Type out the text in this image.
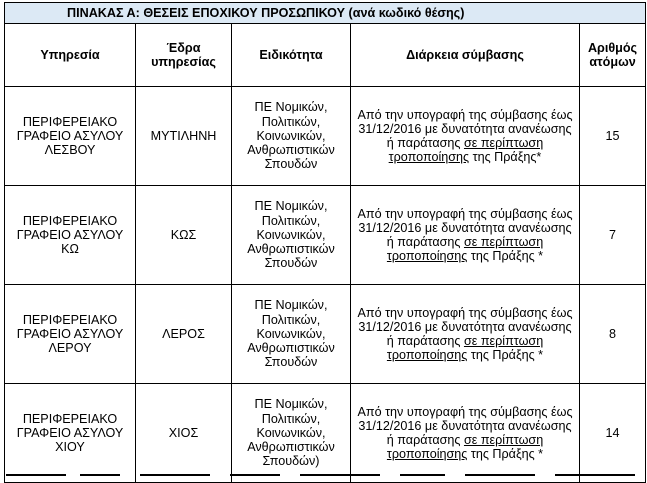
ΠΙΝΑΚΑΣ Α: ΘΕΣΕΙΣ ΕΠΟΧΙΚΟΥ ΠΡΟΣΩΠΙΚΟΥ (ανά κωδικό θέσης)				
Υπηρεσία	Έδρα υπηρεσίας	Ειδικότητα	Διάρκεια σύμβασης	Αριθμός ατόμων
ΠΕΡΙΦΕΡΕΙΑΚΟ ΓΡΑΦΕΙΟ ΑΣΥΛΟΥ ΛΕΣΒΟΥ	ΜΥΤΙΛΗΝΗ	ΠΕ Νομικών, Πολιτικών, Κοινωνικών, Ανθρωπιστικών Σπουδών	Από την υπογραφή της σύμβασης έως 31/12/2016 με δυνατότητα ανανέωσης ή παράτασης σε περίπτωση τροποποίησης της Πράξης*	15
ΠΕΡΙΦΕΡΕΙΑΚΟ ΓΡΑΦΕΙΟ ΑΣΥΛΟΥ ΚΩ	ΚΩΣ	ΠΕ Νομικών, Πολιτικών, Κοινωνικών, Ανθρωπιστικών Σπουδών	Από την υπογραφή της σύμβασης έως 31/12/2016 με δυνατότητα ανανέωσης ή παράτασης σε περίπτωση τροποποίησης της Πράξης *	7
ΠΕΡΙΦΕΡΕΙΑΚΟ ΓΡΑΦΕΙΟ ΑΣΥΛΟΥ ΛΕΡΟΥ	ΛΕΡΟΣ	ΠΕ Νομικών, Πολιτικών, Κοινωνικών, Ανθρωπιστικών Σπουδών	Από την υπογραφή της σύμβασης έως 31/12/2016 με δυνατότητα ανανέωσης ή παράτασης σε περίπτωση τροποποίησης της Πράξης *	8
ΠΕΡΙΦΕΡΕΙΑΚΟ ΓΡΑΦΕΙΟ ΑΣΥΛΟΥ ΧΙΟΥ	ΧΙΟΣ	ΠΕ Νομικών, Πολιτικών, Κοινωνικών, Ανθρωπιστικών Σπουδών)	Από την υπογραφή της σύμβασης έως 31/12/2016 με δυνατότητα ανανέωσης ή παράτασης σε περίπτωση τροποποίησης της Πράξης *	14
